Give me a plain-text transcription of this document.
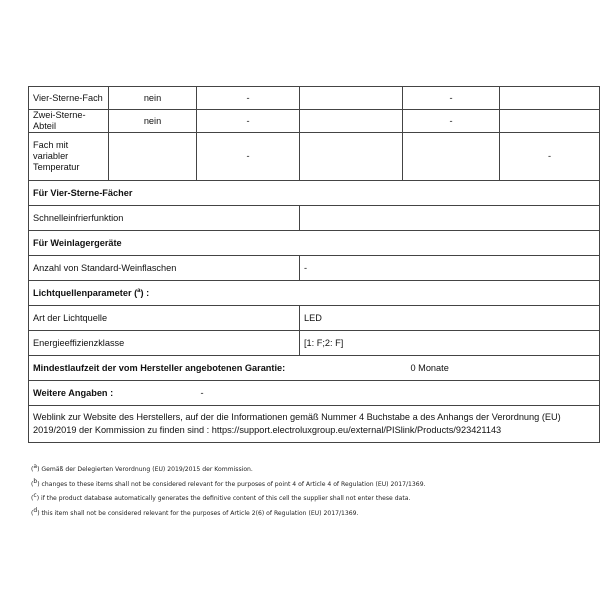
Vier-Sterne-Fach	nein	-		-	
Zwei-Sterne-Abteil	nein	-		-	
Fach mit variabler Temperatur		-			-
Für Vier-Sterne-Fächer					
Schnelleinfrierfunktion					
Für Weinlagergeräte					
Anzahl von Standard-Weinflaschen			-		
Lichtquellenparameter ($^a$) :					
Art der Lichtquelle			LED		
Energieeffizienzklasse			[1: F;2: F]		
Mindestlaufzeit der vom Hersteller angebotenen Garantie:				0 Monate	
Weitere Angaben :		-			
Weblink zur Website des Herstellers, auf der die Informationen gemäß Nummer 4 Buchstabe a des Anhangs der Verordnung (EU) 2019/2019 der Kommission zu finden sind : https://support.electroluxgroup.eu/external/PISlink/Products/923421143					
($^a$) Gemäß der Delegierten Verordnung (EU) 2019/2015 der Kommission.
($^b$) changes to these items shall not be considered relevant for the purposes of point 4 of Article 4 of Regulation (EU) 2017/1369.
($^c$) if the product database automatically generates the definitive content of this cell the supplier shall not enter these data.
($^d$) this item shall not be considered relevant for the purposes of Article 2(6) of Regulation (EU) 2017/1369.
